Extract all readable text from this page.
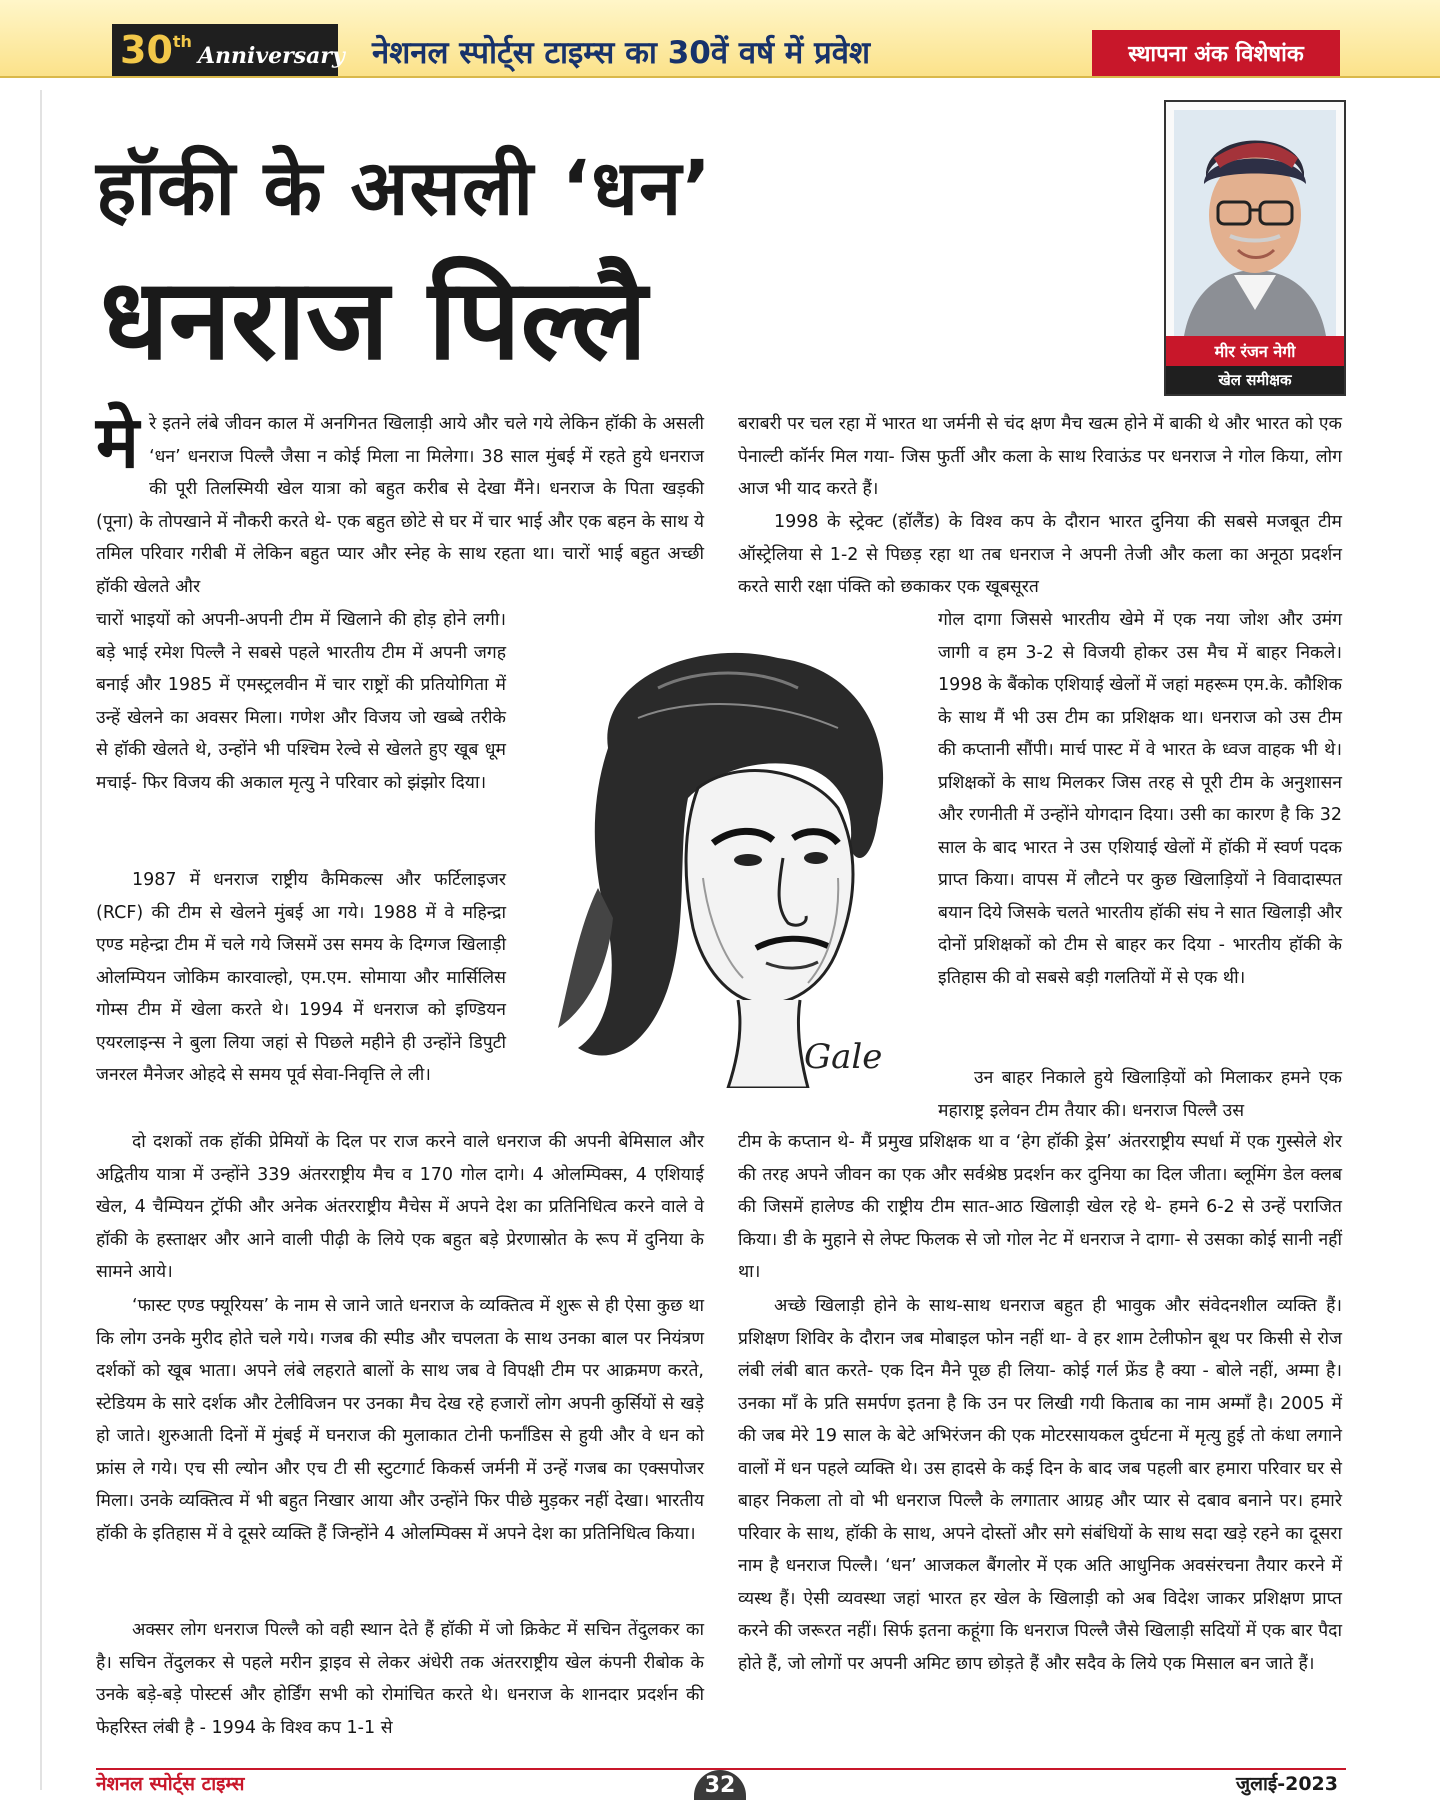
30 th
Anniversary नेशनल स्पोर्ट्स टाइम्स का 30वें वर्ष में प्रवेश	स्थापना अंक विशेषांक
हॉकी के असली ‘धन’
धनराज पिल्लै	मीर रंजन नेगी
खेल समीक्षक
मेरे इतने लंबे जीवन काल में अनगिनत खिलाड़ी आये और चले गये लेकिन हॉकी के असली ‘धन’ धनराज पिल्लै जैसा न कोई मिला ना मिलेगा। 38 साल मुंबई में रहते हुये धनराज की पूरी तिलस्मियी खेल यात्रा को बहुत करीब से देखा मैंने। धनराज के पिता खड़की (पूना) के तोपखाने में नौकरी करते थे- एक बहुत छोटे से घर में चार भाई और एक बहन के साथ ये तमिल परिवार गरीबी में लेकिन बहुत प्यार और स्नेह के साथ रहता था। चारों भाई बहुत अच्छी हॉकी खेलते और
चारों भाइयों को अपनी-अपनी टीम में खिलाने की होड़ होने लगी। बड़े भाई रमेश पिल्लै ने सबसे पहले भारतीय टीम में अपनी जगह बनाई और 1985 में एमस्ट्रलवीन में चार राष्ट्रों की प्रतियोगिता में उन्हें खेलने का अवसर मिला। गणेश और विजय जो खब्बे तरीके से हॉकी खेलते थे, उन्होंने भी पश्चिम रेल्वे से खेलते हुए खूब धूम मचाई- फिर विजय की अकाल मृत्यु ने परिवार को झंझोर दिया।
1987 में धनराज राष्ट्रीय कैमिकल्स और फर्टिलाइजर (RCF) की टीम से खेलने मुंबई आ गये। 1988 में वे महिन्द्रा एण्ड महेन्द्रा टीम में चले गये जिसमें उस समय के दिग्गज खिलाड़ी ओलम्पियन जोकिम कारवाल्हो, एम.एम. सोमाया और मार्सिलिस गोम्स टीम में खेला करते थे। 1994 में धनराज को इण्डियन एयरलाइन्स ने बुला लिया जहां से पिछले महीने ही उन्होंने डिपुटी जनरल मैनेजर ओहदे से समय पूर्व सेवा-निवृत्ति ले ली।
दो दशकों तक हॉकी प्रेमियों के दिल पर राज करने वाले धनराज की अपनी बेमिसाल और अद्वितीय यात्रा में उन्होंने 339 अंतरराष्ट्रीय मैच व 170 गोल दागे। 4 ओलम्पिक्स, 4 एशियाई खेल, 4 चैम्पियन ट्रॉफी और अनेक अंतरराष्ट्रीय मैचेस में अपने देश का प्रतिनिधित्व करने वाले वे हॉकी के हस्ताक्षर और आने वाली पीढ़ी के लिये एक बहुत बड़े प्रेरणास्रोत के रूप में दुनिया के सामने आये।
‘फास्ट एण्ड फ्यूरियस’ के नाम से जाने जाते धनराज के व्यक्तित्व में शुरू से ही ऐसा कुछ था कि लोग उनके मुरीद होते चले गये। गजब की स्पीड और चपलता के साथ उनका बाल पर नियंत्रण दर्शकों को खूब भाता। अपने लंबे लहराते बालों के साथ जब वे विपक्षी टीम पर आक्रमण करते, स्टेडियम के सारे दर्शक और टेलीविजन पर उनका मैच देख रहे हजारों लोग अपनी कुर्सियों से खड़े हो जाते। शुरुआती दिनों में मुंबई में घनराज की मुलाकात टोनी फर्नांडिस से हुयी और वे धन को फ्रांस ले गये। एच सी ल्योन और एच टी सी स्टुटगार्ट किकर्स जर्मनी में उन्हें गजब का एक्सपोजर मिला। उनके व्यक्तित्व में भी बहुत निखार आया और उन्होंने फिर पीछे मुड़कर नहीं देखा। भारतीय हॉकी के इतिहास में वे दूसरे व्यक्ति हैं जिन्होंने 4 ओलम्पिक्स में अपने देश का प्रतिनिधित्व किया।
अक्सर लोग धनराज पिल्लै को वही स्थान देते हैं हॉकी में जो क्रिकेट में सचिन तेंदुलकर का है। सचिन तेंदुलकर से पहले मरीन ड्राइव से लेकर अंधेरी तक अंतरराष्ट्रीय खेल कंपनी रीबोक के उनके बड़े-बड़े पोस्टर्स और होर्डिंग सभी को रोमांचित करते थे। धनराज के शानदार प्रदर्शन की फेहरिस्त लंबी है - 1994 के विश्व कप 1-1 से
बराबरी पर चल रहा में भारत था जर्मनी से चंद क्षण मैच खत्म होने में बाकी थे और भारत को एक पेनाल्टी कॉर्नर मिल गया- जिस फुर्ती और कला के साथ रिवाऊंड पर धनराज ने गोल किया, लोग आज भी याद करते हैं।
1998 के स्ट्रेक्ट (हॉलैंड) के विश्व कप के दौरान भारत दुनिया की सबसे मजबूत टीम ऑस्ट्रेलिया से 1-2 से पिछड़ रहा था तब धनराज ने अपनी तेजी और कला का अनूठा प्रदर्शन करते सारी रक्षा पंक्ति को छकाकर एक खूबसूरत
गोल दागा जिससे भारतीय खेमे में एक नया जोश और उमंग जागी व हम 3-2 से विजयी होकर उस मैच में बाहर निकले। 1998 के बैंकोक एशियाई खेलों में जहां महरूम एम.के. कौशिक के साथ मैं भी उस टीम का प्रशिक्षक था। धनराज को उस टीम की कप्तानी सौंपी। मार्च पास्ट में वे भारत के ध्वज वाहक भी थे। प्रशिक्षकों के साथ मिलकर जिस तरह से पूरी टीम के अनुशासन और रणनीती में उन्होंने योगदान दिया। उसी का कारण है कि 32 साल के बाद भारत ने उस एशियाई खेलों में हॉकी में स्वर्ण पदक प्राप्त किया। वापस में लौटने पर कुछ खिलाड़ियों ने विवादास्पत बयान दिये जिसके चलते भारतीय हॉकी संघ ने सात खिलाड़ी और दोनों प्रशिक्षकों को टीम से बाहर कर दिया - भारतीय हॉकी के इतिहास की वो सबसे बड़ी गलतियों में से एक थी।
उन बाहर निकाले हुये खिलाड़ियों को मिलाकर हमने एक महाराष्ट्र इलेवन टीम तैयार की। धनराज पिल्लै उस
टीम के कप्तान थे- मैं प्रमुख प्रशिक्षक था व ‘हेग हॉकी ड्रेस’ अंतरराष्ट्रीय स्पर्धा में एक गुस्सेले शेर की तरह अपने जीवन का एक और सर्वश्रेष्ठ प्रदर्शन कर दुनिया का दिल जीता। ब्लूमिंग डेल क्लब की जिसमें हालेण्ड की राष्ट्रीय टीम सात-आठ खिलाड़ी खेल रहे थे- हमने 6-2 से उन्हें पराजित किया। डी के मुहाने से लेफ्ट फिलक से जो गोल नेट में धनराज ने दागा- से उसका कोई सानी नहीं था।
अच्छे खिलाड़ी होने के साथ-साथ धनराज बहुत ही भावुक और संवेदनशील व्यक्ति हैं। प्रशिक्षण शिविर के दौरान जब मोबाइल फोन नहीं था- वे हर शाम टेलीफोन बूथ पर किसी से रोज लंबी लंबी बात करते- एक दिन मैने पूछ ही लिया- कोई गर्ल फ्रेंड है क्या - बोले नहीं, अम्मा है। उनका माँ के प्रति समर्पण इतना है कि उन पर लिखी गयी किताब का नाम अम्माँ है। 2005 में की जब मेरे 19 साल के बेटे अभिरंजन की एक मोटरसायकल दुर्घटना में मृत्यु हुई तो कंधा लगाने वालों में धन पहले व्यक्ति थे। उस हादसे के कई दिन के बाद जब पहली बार हमारा परिवार घर से बाहर निकला तो वो भी धनराज पिल्लै के लगातार आग्रह और प्यार से दबाव बनाने पर। हमारे परिवार के साथ, हॉकी के साथ, अपने दोस्तों और सगे संबंधियों के साथ सदा खड़े रहने का दूसरा नाम है धनराज पिल्लै। ‘धन’ आजकल बैंगलोर में एक अति आधुनिक अवसंरचना तैयार करने में व्यस्थ हैं। ऐसी व्यवस्था जहां भारत हर खेल के खिलाड़ी को अब विदेश जाकर प्रशिक्षण प्राप्त करने की जरूरत नहीं। सिर्फ इतना कहूंगा कि धनराज पिल्लै जैसे खिलाड़ी सदियों में एक बार पैदा होते हैं, जो लोगों पर अपनी अमिट छाप छोड़ते हैं और सदैव के लिये एक मिसाल बन जाते हैं।
Gale
नेशनल स्पोर्ट्स टाइम्स	32	जुलाई-2023
